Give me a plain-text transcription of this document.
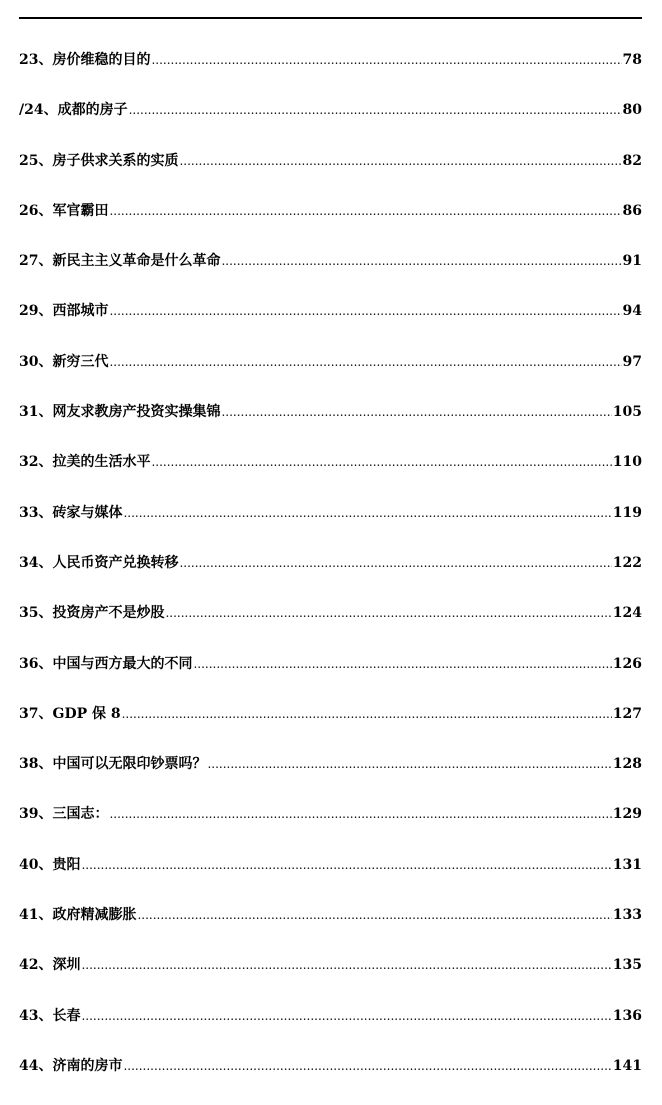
23、房价维稳的目的 .....	78
/24、成都的房子 .....	80
25、房子供求关系的实质 .....	82
26、军官霸田 .....	86
27、新民主主义革命是什么革命 .....	91
29、西部城市 .....	94
30、新穷三代 .....	97
31、网友求教房产投资实操集锦 .....	105
32、拉美的生活水平 .....	110
33、砖家与媒体 .....	119
34、人民币资产兑换转移 .....	122
35、投资房产不是炒股 .....	124
36、中国与西方最大的不同 .....	126
37、GDP 保 8 .....	127
38、中国可以无限印钞票吗？ .....	128
39、三国志： .....	129
40、贵阳 .....	131
41、政府精减膨胀 .....	133
42、深圳 .....	135
43、长春 .....	136
44、济南的房市 .....	141
